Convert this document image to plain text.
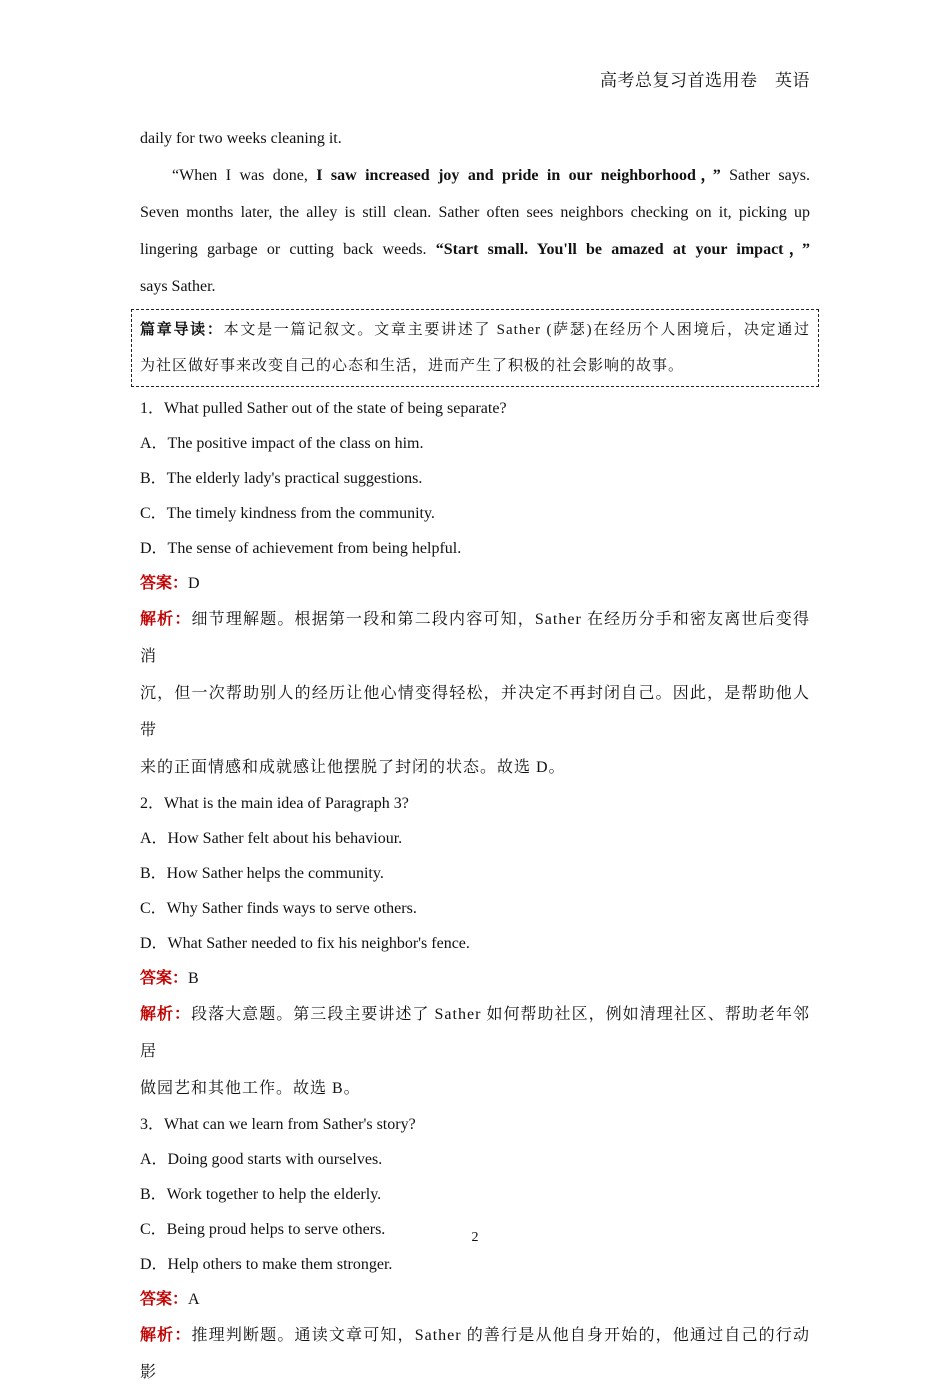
高考总复习首选用卷　英语

daily for two weeks cleaning it.

“When I was done, I saw increased joy and pride in our neighborhood，” Sather says.

Seven months later, the alley is still clean. Sather often sees neighbors checking on it, picking up

lingering garbage or cutting back weeds. “Start small. You'll be amazed at your impact，”

says Sather.

篇章导读：本文是一篇记叙文。文章主要讲述了 Sather (萨瑟)在经历个人困境后，决定通过

为社区做好事来改变自己的心态和生活，进而产生了积极的社会影响的故事。

1．What pulled Sather out of the state of being separate?

A．The positive impact of the class on him.

B．The elderly lady's practical suggestions.

C．The timely kindness from the community.

D．The sense of achievement from being helpful.

答案：D

解析：细节理解题。根据第一段和第二段内容可知，Sather 在经历分手和密友离世后变得消

沉，但一次帮助别人的经历让他心情变得轻松，并决定不再封闭自己。因此，是帮助他人带

来的正面情感和成就感让他摆脱了封闭的状态。故选 D。

2．What is the main idea of Paragraph 3?

A．How Sather felt about his behaviour.

B．How Sather helps the community.

C．Why Sather finds ways to serve others.

D．What Sather needed to fix his neighbor's fence.

答案：B

解析：段落大意题。第三段主要讲述了 Sather 如何帮助社区，例如清理社区、帮助老年邻居

做园艺和其他工作。故选 B。

3．What can we learn from Sather's story?

A．Doing good starts with ourselves.

B．Work together to help the elderly.

C．Being proud helps to serve others.

D．Help others to make them stronger.

答案：A

解析：推理判断题。通读文章可知，Sather 的善行是从他自身开始的，他通过自己的行动影

2
